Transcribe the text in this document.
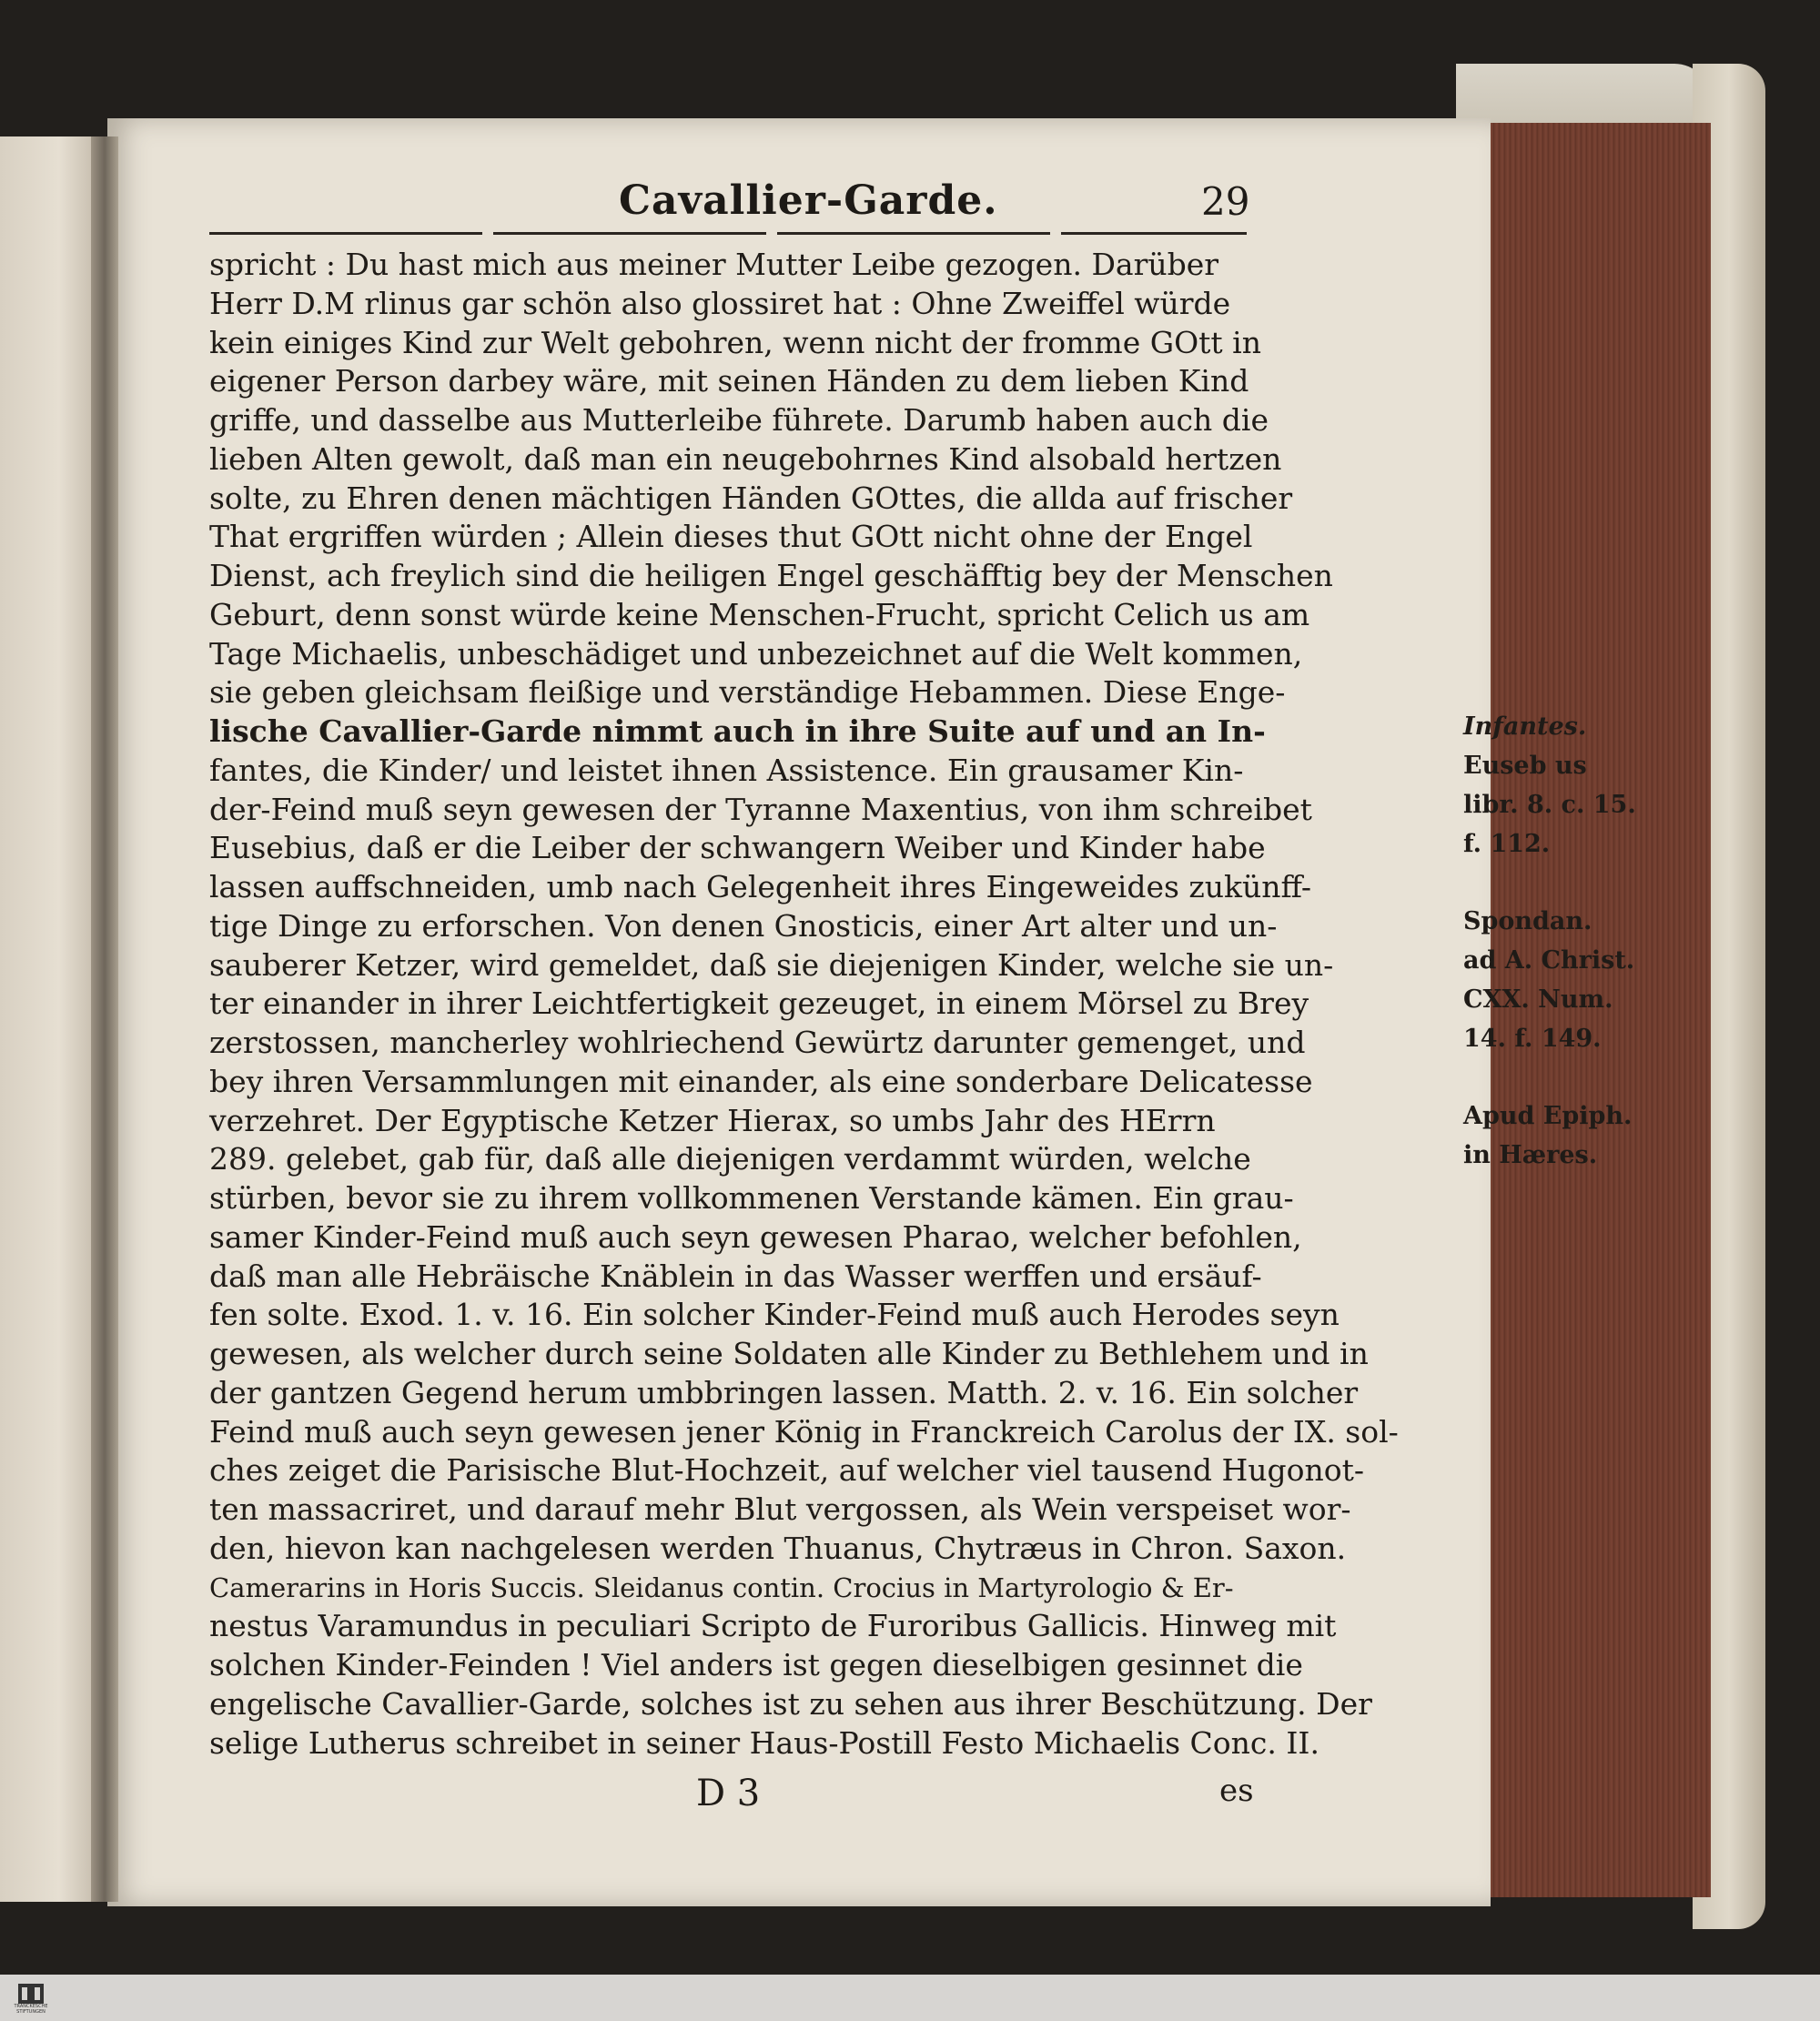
Cavallier-Garde.	29
spricht : Du hast mich aus meiner Mutter Leibe gezogen. Darüber
Herr D.M rlinus gar schön also glossiret hat : Ohne Zweiffel würde
kein einiges Kind zur Welt gebohren, wenn nicht der fromme GOtt in
eigener Person darbey wäre, mit seinen Händen zu dem lieben Kind
griffe, und dasselbe aus Mutterleibe führete. Darumb haben auch die
lieben Alten gewolt, daß man ein neugebohrnes Kind alsobald hertzen
solte, zu Ehren denen mächtigen Händen GOttes, die allda auf frischer
That ergriffen würden ; Allein dieses thut GOtt nicht ohne der Engel
Dienst, ach freylich sind die heiligen Engel geschäfftig bey der Menschen
Geburt, denn sonst würde keine Menschen-Frucht, spricht Celich us am
Tage Michaelis, unbeschädiget und unbezeichnet auf die Welt kommen,
sie geben gleichsam fleißige und verständige Hebammen. Diese Enge-
lische Cavallier-Garde nimmt auch in ihre Suite auf und an In-
fantes, die Kinder/ und leistet ihnen Assistence. Ein grausamer Kin-
der-Feind muß seyn gewesen der Tyranne Maxentius, von ihm schreibet
Eusebius, daß er die Leiber der schwangern Weiber und Kinder habe
lassen auffschneiden, umb nach Gelegenheit ihres Eingeweides zukünff-
tige Dinge zu erforschen. Von denen Gnosticis, einer Art alter und un-
sauberer Ketzer, wird gemeldet, daß sie diejenigen Kinder, welche sie un-
ter einander in ihrer Leichtfertigkeit gezeuget, in einem Mörsel zu Brey
zerstossen, mancherley wohlriechend Gewürtz darunter gemenget, und
bey ihren Versammlungen mit einander, als eine sonderbare Delicatesse
verzehret. Der Egyptische Ketzer Hierax, so umbs Jahr des HErrn
289. gelebet, gab für, daß alle diejenigen verdammt würden, welche
stürben, bevor sie zu ihrem vollkommenen Verstande kämen. Ein grau-
samer Kinder-Feind muß auch seyn gewesen Pharao, welcher befohlen,
daß man alle Hebräische Knäblein in das Wasser werffen und ersäuf-
fen solte. Exod. 1. v. 16. Ein solcher Kinder-Feind muß auch Herodes seyn
gewesen, als welcher durch seine Soldaten alle Kinder zu Bethlehem und in
der gantzen Gegend herum umbbringen lassen. Matth. 2. v. 16. Ein solcher
Feind muß auch seyn gewesen jener König in Franckreich Carolus der IX. sol-
ches zeiget die Parisische Blut-Hochzeit, auf welcher viel tausend Hugonot-
ten massacriret, und darauf mehr Blut vergossen, als Wein verspeiset wor-
den, hievon kan nachgelesen werden Thuanus, Chytræus in Chron. Saxon.
Camerarins in Horis Succis. Sleidanus contin. Crocius in Martyrologio & Er-
nestus Varamundus in peculiari Scripto de Furoribus Gallicis. Hinweg mit
solchen Kinder-Feinden ! Viel anders ist gegen dieselbigen gesinnet die
engelische Cavallier-Garde, solches ist zu sehen aus ihrer Beschützung. Der
selige Lutherus schreibet in seiner Haus-Postill Festo Michaelis Conc. II.
Infantes.
Euseb us
libr. 8. c. 15.
f. 112.
Spondan.
ad A. Christ.
CXX. Num.
14. f. 149.
Apud Epiph.
in Hæres.
D 3	es
TRANCKESCHE STIFTUNGEN
